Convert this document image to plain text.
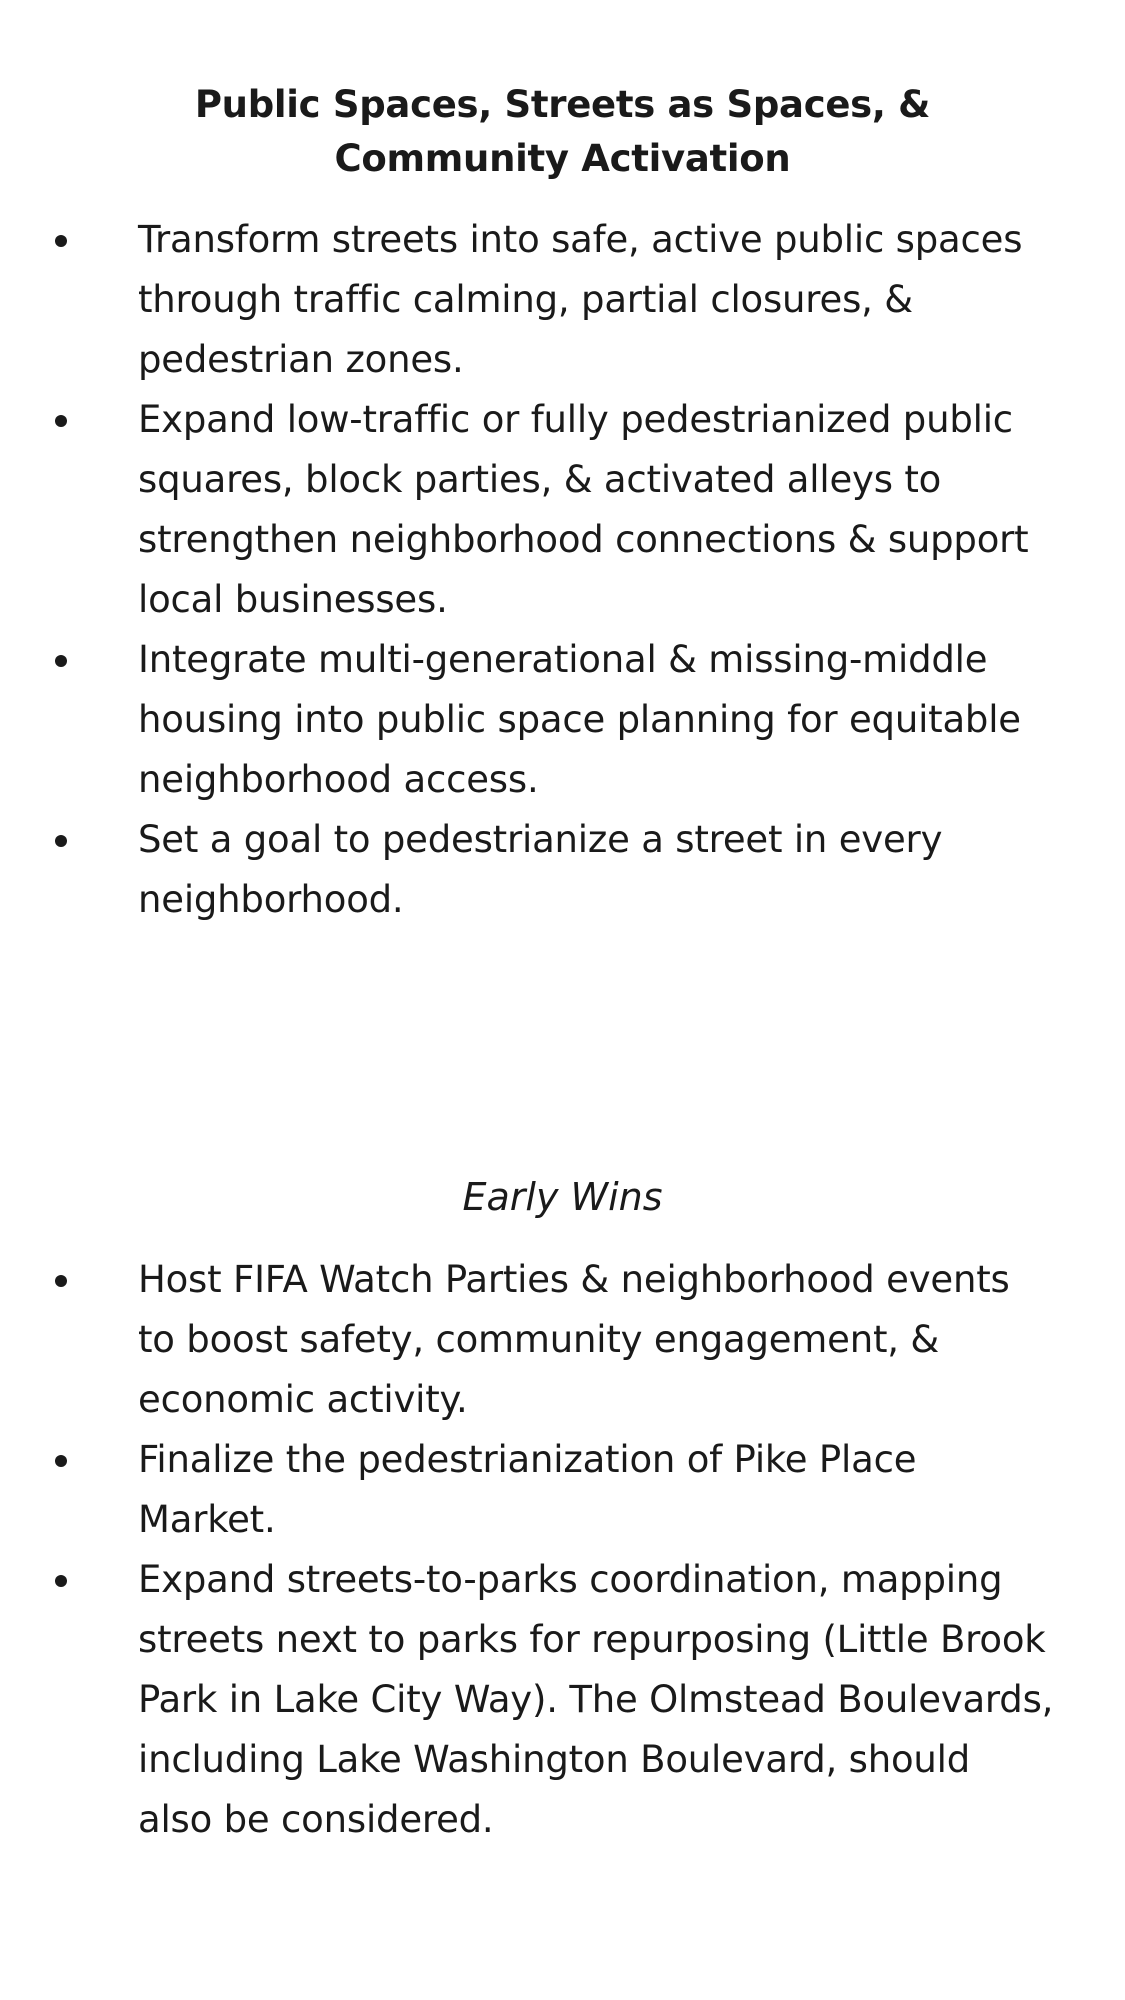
Public Spaces, Streets as Spaces, &
Community Activation
Transform streets into safe, active public spaces through traffic calming, partial closures, & pedestrian zones.
Expand low-traffic or fully pedestrianized public squares, block parties, & activated alleys to strengthen neighborhood connections & support local businesses.
Integrate multi-generational & missing-middle housing into public space planning for equitable neighborhood access.
Set a goal to pedestrianize a street in every neighborhood.
Early Wins
Host FIFA Watch Parties & neighborhood events to boost safety, community engagement, & economic activity.
Finalize the pedestrianization of Pike Place Market.
Expand streets-to-parks coordination, mapping streets next to parks for repurposing (Little Brook Park in Lake City Way). The Olmstead Boulevards, including Lake Washington Boulevard, should also be considered.
